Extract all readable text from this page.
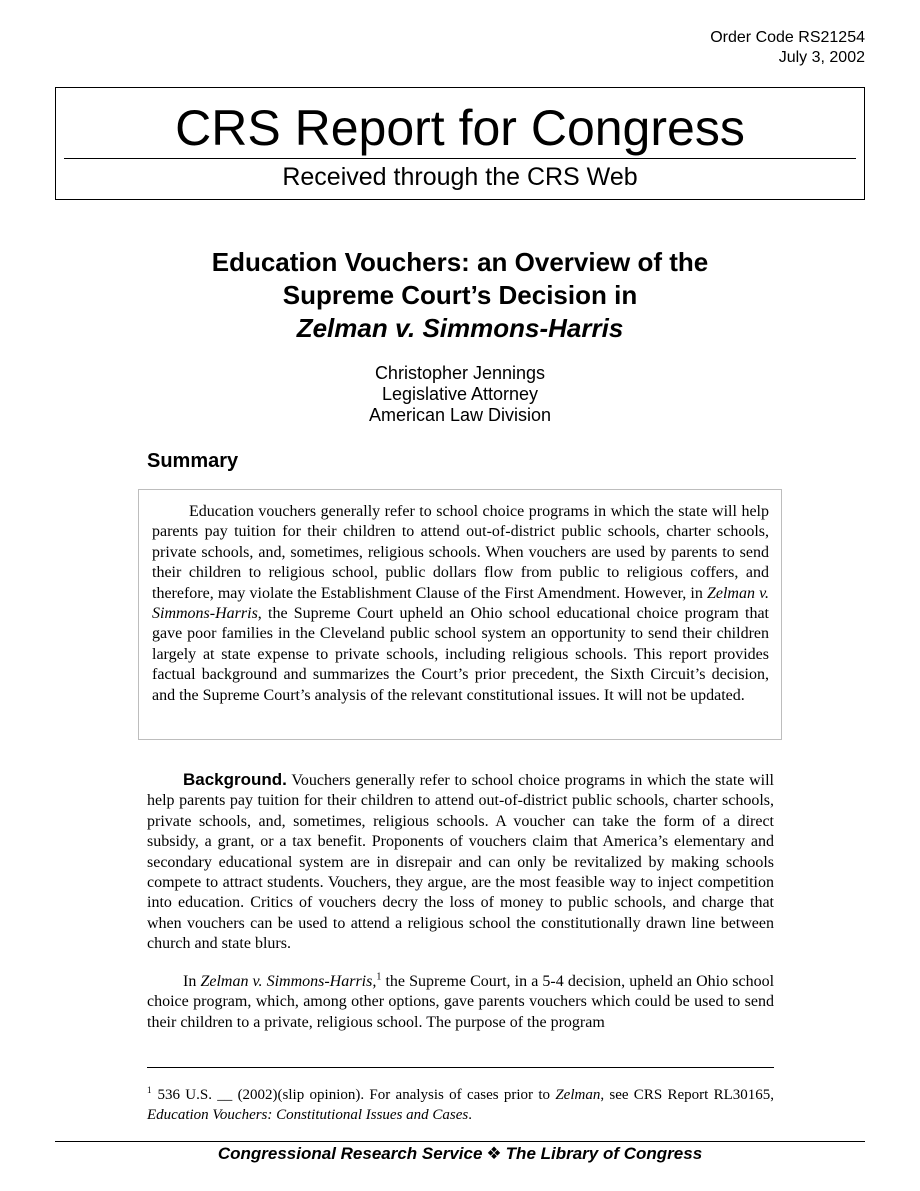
Order Code RS21254
July 3, 2002
CRS Report for Congress
Received through the CRS Web
Education Vouchers: an Overview of the
Supreme Court’s Decision in
Zelman v. Simmons-Harris
Christopher Jennings
Legislative Attorney
American Law Division
Summary

Education vouchers generally refer to school choice programs in which the state will help parents pay tuition for their children to attend out-of-district public schools, charter schools, private schools, and, sometimes, religious schools. When vouchers are used by parents to send their children to religious school, public dollars flow from public to religious coffers, and therefore, may violate the Establishment Clause of the First Amendment. However, in Zelman v. Simmons-Harris, the Supreme Court upheld an Ohio school educational choice program that gave poor families in the Cleveland public school system an opportunity to send their children largely at state expense to private schools, including religious schools. This report provides factual background and summarizes the Court’s prior precedent, the Sixth Circuit’s decision, and the Supreme Court’s analysis of the relevant constitutional issues. It will not be updated.

Background. Vouchers generally refer to school choice programs in which the state will help parents pay tuition for their children to attend out-of-district public schools, charter schools, private schools, and, sometimes, religious schools. A voucher can take the form of a direct subsidy, a grant, or a tax benefit. Proponents of vouchers claim that America’s elementary and secondary educational system are in disrepair and can only be revitalized by making schools compete to attract students. Vouchers, they argue, are the most feasible way to inject competition into education. Critics of vouchers decry the loss of money to public schools, and charge that when vouchers can be used to attend a religious school the constitutionally drawn line between church and state blurs.
In Zelman v. Simmons-Harris,$^1$ the Supreme Court, in a 5-4 decision, upheld an Ohio school choice program, which, among other options, gave parents vouchers which could be used to send their children to a private, religious school. The purpose of the program
$^1$ 536 U.S. __ (2002)(slip opinion). For analysis of cases prior to Zelman, see CRS Report RL30165, Education Vouchers: Constitutional Issues and Cases.
Congressional Research Service ❖ The Library of Congress
